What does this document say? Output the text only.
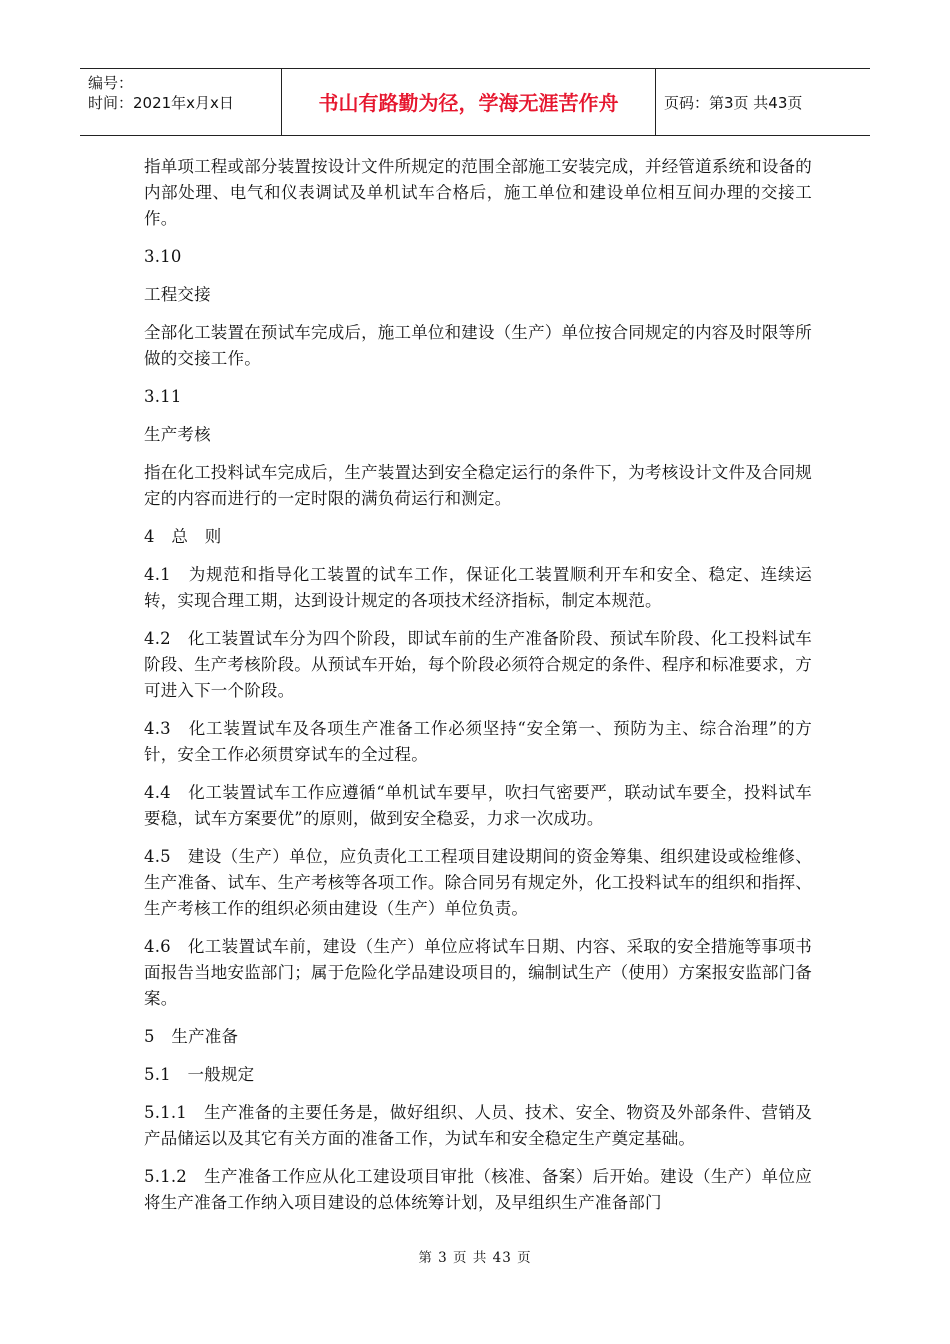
编号：
时间：2021年x月x日	书山有路勤为径，学海无涯苦作舟	页码：第3页 共43页

指单项工程或部分装置按设计文件所规定的范围全部施工安装完成，并经管道系统和设备的内部处理、电气和仪表调试及单机试车合格后，施工单位和建设单位相互间办理的交接工作。

3.10

工程交接

全部化工装置在预试车完成后，施工单位和建设（生产）单位按合同规定的内容及时限等所做的交接工作。

3.11

生产考核

指在化工投料试车完成后，生产装置达到安全稳定运行的条件下，为考核设计文件及合同规定的内容而进行的一定时限的满负荷运行和测定。

4　总　则

4.1　为规范和指导化工装置的试车工作，保证化工装置顺利开车和安全、稳定、连续运转，实现合理工期，达到设计规定的各项技术经济指标，制定本规范。

4.2　化工装置试车分为四个阶段，即试车前的生产准备阶段、预试车阶段、化工投料试车阶段、生产考核阶段。从预试车开始，每个阶段必须符合规定的条件、程序和标准要求，方可进入下一个阶段。

4.3　化工装置试车及各项生产准备工作必须坚持“安全第一、预防为主、综合治理”的方针，安全工作必须贯穿试车的全过程。

4.4　化工装置试车工作应遵循“单机试车要早，吹扫气密要严，联动试车要全，投料试车要稳，试车方案要优”的原则，做到安全稳妥，力求一次成功。

4.5　建设（生产）单位，应负责化工工程项目建设期间的资金筹集、组织建设或检维修、生产准备、试车、生产考核等各项工作。除合同另有规定外，化工投料试车的组织和指挥、生产考核工作的组织必须由建设（生产）单位负责。

4.6　化工装置试车前，建设（生产）单位应将试车日期、内容、采取的安全措施等事项书面报告当地安监部门；属于危险化学品建设项目的，编制试生产（使用）方案报安监部门备案。

5　生产准备

5.1　一般规定

5.1.1　生产准备的主要任务是，做好组织、人员、技术、安全、物资及外部条件、营销及产品储运以及其它有关方面的准备工作，为试车和安全稳定生产奠定基础。

5.1.2　生产准备工作应从化工建设项目审批（核准、备案）后开始。建设（生产）单位应将生产准备工作纳入项目建设的总体统筹计划，及早组织生产准备部门

第 3 页 共 43 页
